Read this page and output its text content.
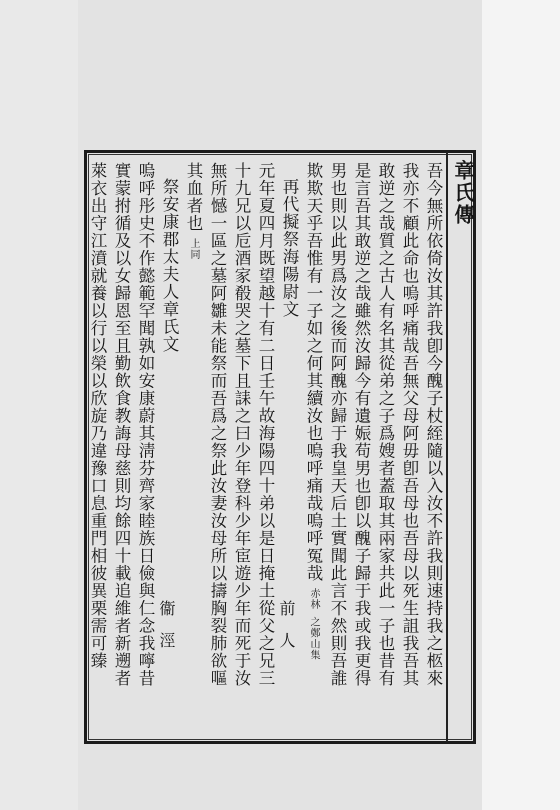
章氏傳
吾今無所依倚汝其許我卽今醜子杖絰隨以入汝不許我則速持我之柩來
我亦不顧此命也嗚呼痛哉吾無父母阿毋卽吾母也吾母以死生詛我吾其
敢逆之哉質之古人有名其從弟之子爲嫂者蓋取其兩家共此一子也昔有
是言吾其敢逆之哉雖然汝歸今有遺娠苟男也卽以醜子歸于我或我更得
男也則以此男爲汝之後而阿醜亦歸于我皇天后土實聞此言不然則吾誰
欺欺天乎吾惟有一子如之何其續汝也嗚呼痛哉嗚呼冤哉 赤林 之鄭山集
再代擬祭海陽尉文
前　人
元年夏四月既望越十有二日壬午故海陽四十弟以是日掩土從父之兄三
十九兄以卮酒家殽哭之墓下且誄之曰少年登科少年宦遊少年而死于汝
無所憾一區之墓阿雛未能祭而吾爲之祭此汝妻汝母所以擣胸裂肺欲嘔
其血者也 上同
祭安康郡太夫人章氏文
衞　涇
嗚呼彤史不作懿範罕聞孰如安康蔚其淸芬齊家睦族日儉與仁念我嚀昔
實蒙拊循及以女歸恩至且勤飲食教誨母慈則均餘四十載追維者新遡者
萊衣出守江濆就養以行以榮以欣旋乃違豫口息重門相彼異栗需可臻
